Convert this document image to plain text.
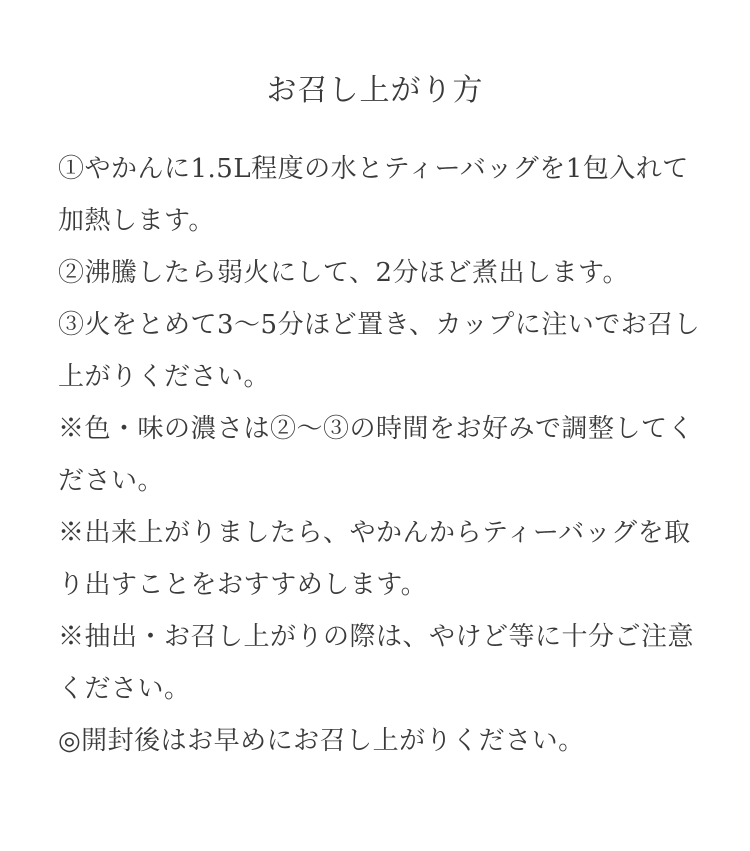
お召し上がり方
①やかんに1.5L程度の水とティーバッグを1包入れて
加熱します。
②沸騰したら弱火にして、2分ほど煮出します。
③火をとめて3〜5分ほど置き、カップに注いでお召し
上がりください。
※色・味の濃さは②〜③の時間をお好みで調整してく
ださい。
※出来上がりましたら、やかんからティーバッグを取
り出すことをおすすめします。
※抽出・お召し上がりの際は、やけど等に十分ご注意
ください。
◎開封後はお早めにお召し上がりください。
